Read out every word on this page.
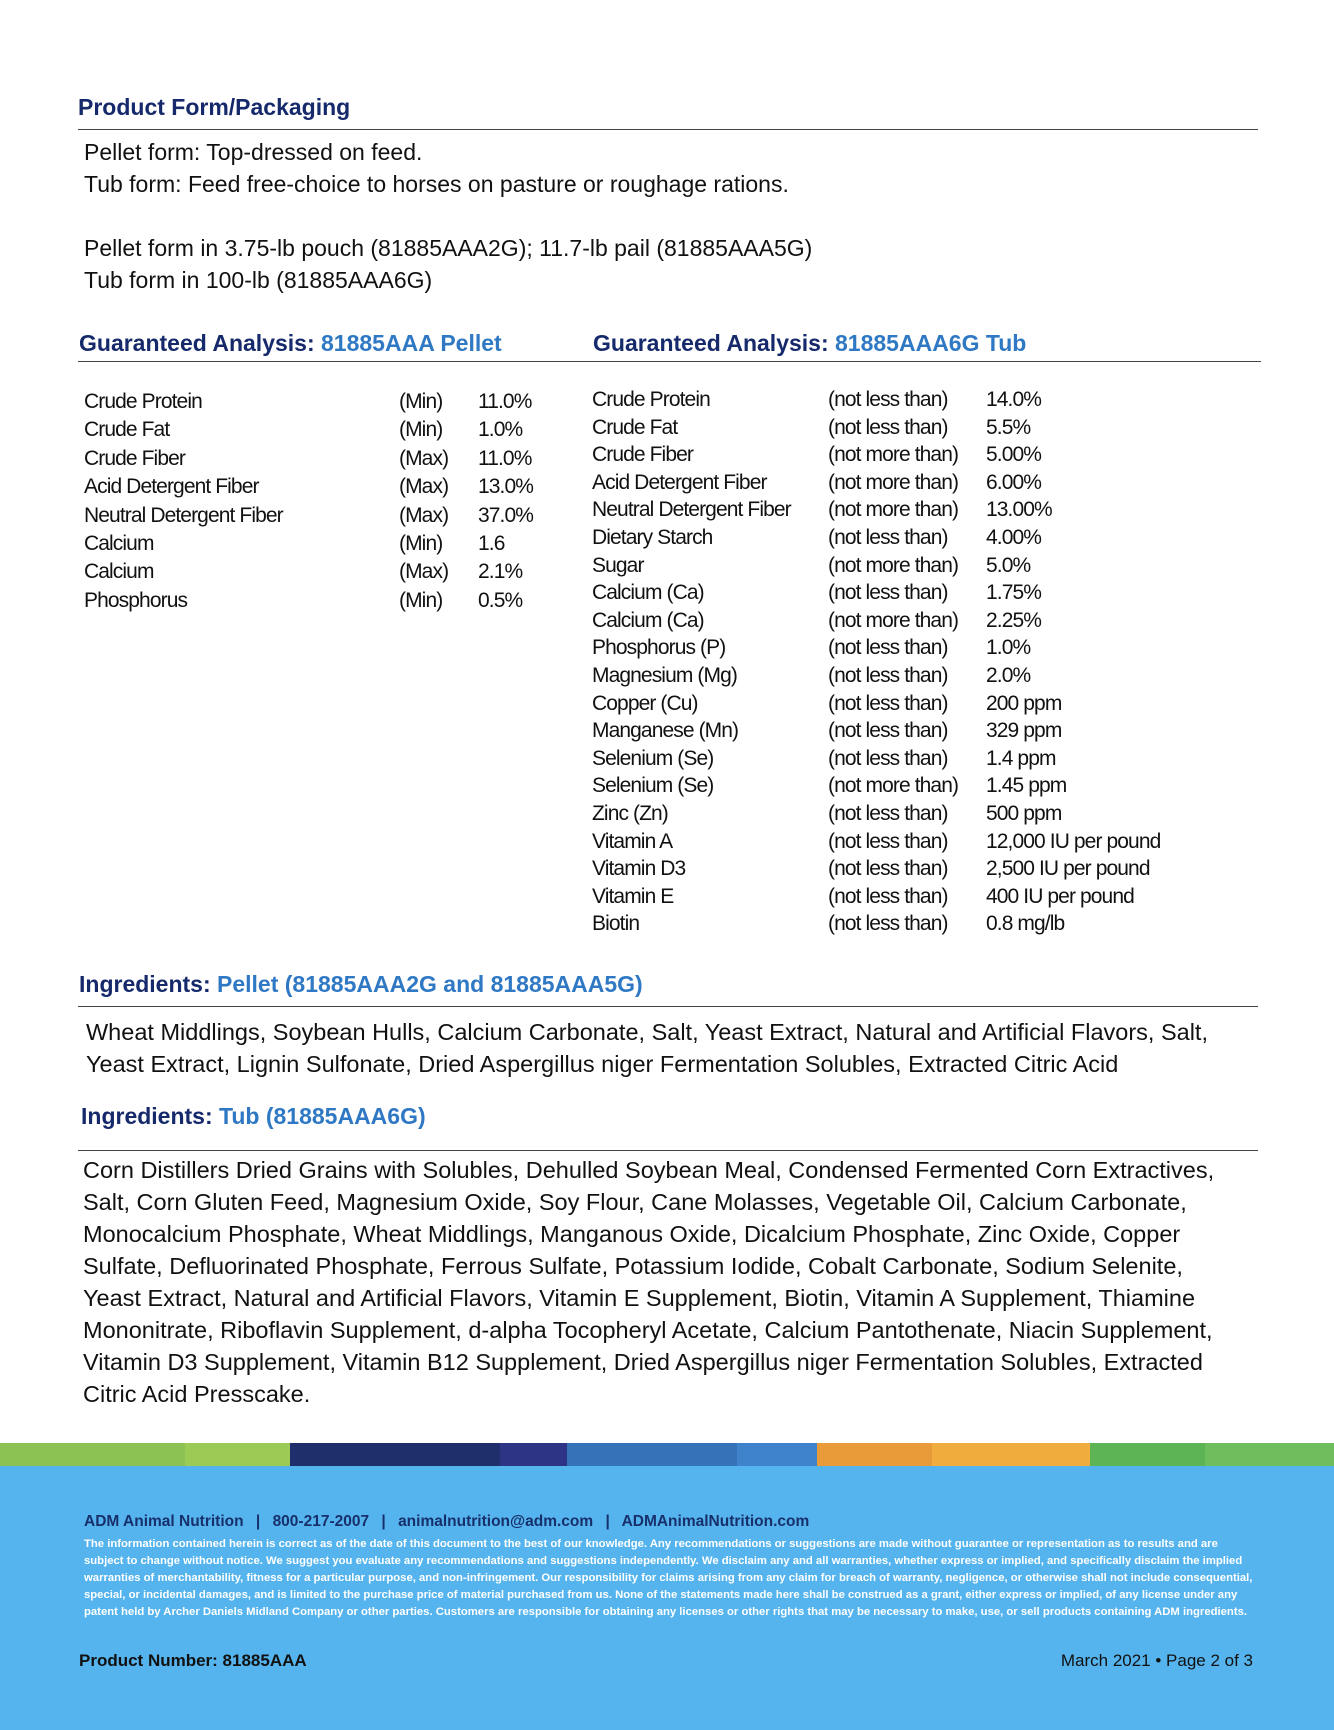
Product Form/Packaging
Pellet form: Top-dressed on feed.
Tub form: Feed free-choice to horses on pasture or roughage rations.
Pellet form in 3.75-lb pouch (81885AAA2G); 11.7-lb pail (81885AAA5G)
Tub form in 100-lb (81885AAA6G)
Guaranteed Analysis: 81885AAA Pellet	Guaranteed Analysis: 81885AAA6G Tub
Crude Protein	(Min) 11.0%
Crude Fat	(Min) 1.0%
Crude Fiber	(Max) 11.0%
Acid Detergent Fiber	(Max) 13.0%
Neutral Detergent Fiber	(Max) 37.0%
Calcium	(Min) 1.6
Calcium	(Max) 2.1%
Phosphorus	(Min) 0.5%
Crude Protein	(not less than) 14.0%
Crude Fat	(not less than) 5.5%
Crude Fiber	(not more than) 5.00%
Acid Detergent Fiber	(not more than) 6.00%
Neutral Detergent Fiber (not more than) 13.00%
Dietary Starch	(not less than) 4.00%
Sugar	(not more than) 5.0%
Calcium (Ca)	(not less than) 1.75%
Calcium (Ca)	(not more than) 2.25%
Phosphorus (P)	(not less than) 1.0%
Magnesium (Mg)	(not less than) 2.0%
Copper (Cu)	(not less than) 200 ppm
Manganese (Mn)	(not less than) 329 ppm
Selenium (Se)	(not less than) 1.4 ppm
Selenium (Se)	(not more than) 1.45 ppm
Zinc (Zn)	(not less than) 500 ppm
Vitamin A	(not less than) 12,000 IU per pound
Vitamin D3	(not less than) 2,500 IU per pound
Vitamin E	(not less than) 400 IU per pound
Biotin	(not less than) 0.8 mg/lb
Ingredients: Pellet (81885AAA2G and 81885AAA5G)
Wheat Middlings, Soybean Hulls, Calcium Carbonate, Salt, Yeast Extract, Natural and Artificial Flavors, Salt,
Yeast Extract, Lignin Sulfonate, Dried Aspergillus niger Fermentation Solubles, Extracted Citric Acid
Ingredients: Tub (81885AAA6G)
Corn Distillers Dried Grains with Solubles, Dehulled Soybean Meal, Condensed Fermented Corn Extractives,
Salt, Corn Gluten Feed, Magnesium Oxide, Soy Flour, Cane Molasses, Vegetable Oil, Calcium Carbonate,
Monocalcium Phosphate, Wheat Middlings, Manganous Oxide, Dicalcium Phosphate, Zinc Oxide, Copper
Sulfate, Defluorinated Phosphate, Ferrous Sulfate, Potassium Iodide, Cobalt Carbonate, Sodium Selenite,
Yeast Extract, Natural and Artificial Flavors, Vitamin E Supplement, Biotin, Vitamin A Supplement, Thiamine
Mononitrate, Riboflavin Supplement, d-alpha Tocopheryl Acetate, Calcium Pantothenate, Niacin Supplement,
Vitamin D3 Supplement, Vitamin B12 Supplement, Dried Aspergillus niger Fermentation Solubles, Extracted
Citric Acid Presscake.
ADM Animal Nutrition | 800-217-2007 | animalnutrition@adm.com | ADMAnimalNutrition.com
The information contained herein is correct as of the date of this document to the best of our knowledge. Any recommendations or suggestions are made without guarantee or representation as to results and are subject to change without notice. We suggest you evaluate any recommendations and suggestions independently. We disclaim any and all warranties, whether express or implied, and specifically disclaim the implied warranties of merchantability, fitness for a particular purpose, and non-infringement. Our responsibility for claims arising from any claim for breach of warranty, negligence, or otherwise shall not include consequential, special, or incidental damages, and is limited to the purchase price of material purchased from us. None of the statements made here shall be construed as a grant, either express or implied, of any license under any patent held by Archer Daniels Midland Company or other parties. Customers are responsible for obtaining any licenses or other rights that may be necessary to make, use, or sell products containing ADM ingredients.
Product Number: 81885AAA	March 2021 • Page 2 of 3
